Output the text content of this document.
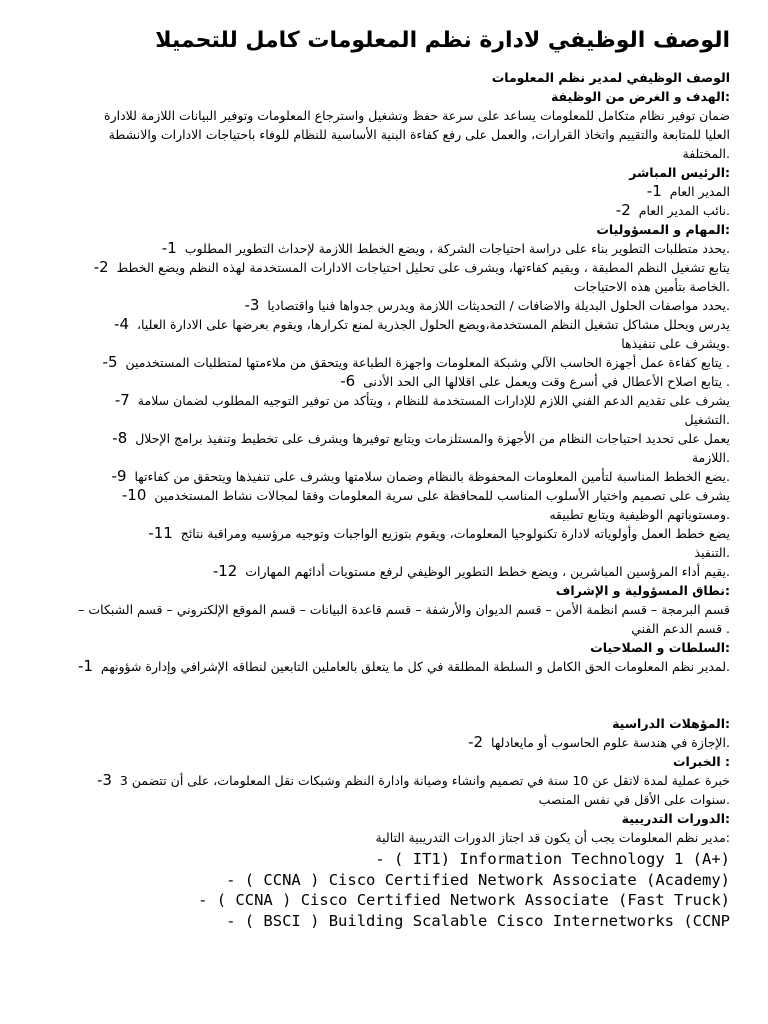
الوصف الوظيفي لادارة نظم المعلومات كامل للتحميلا
الوصف الوظيفي لمدير نظم المعلومات
:الهدف و الغرض من الوظيفة
ضمان توفير نظام متكامل للمعلومات يساعد على سرعة حفظ وتشغيل واسترجاع المعلومات وتوفير البيانات اللازمة للادارة
العليا للمتابعة والتقييم واتخاذ القرارات، والعمل على رفع كفاءة البنية الأساسية للنظام للوفاء باحتياجات الادارات والانشطة
.المختلفة
:الرئيس المباشر
المدير العام  1-
.نائب المدير العام  2-
:المهام و المسؤوليات
.يحدد متطلبات التطوير بناء على دراسة احتياجات الشركة ، ويضع الخطط اللازمة لإحداث التطوير المطلوب  1-
يتابع تشغيل النظم المطبقة ، ويقيم كفاءتها، ويشرف على تحليل احتياجات الادارات المستخدمة لهذه النظم ويضع الخطط  2-
.الخاصة بتأمين هذه الاحتياجات
.يحدد مواصفات الحلول البديلة والاضافات / التحديثات اللازمة ويدرس جدواها فنيا واقتصاديا  3-
يدرس ويحلل مشاكل تشغيل النظم المستخدمة،ويضع الحلول الجذرية لمنع تكرارها، ويقوم بعرضها على الادارة العليا،  4-
.ويشرف على تنفيذها
. يتابع كفاءة عمل أجهزة الحاسب الآلي وشبكة المعلومات واجهزة الطباعة ويتحقق من ملاءمتها لمتطلبات المستخدمين  5-
. يتابع اصلاح الأعطال في أسرع وقت ويعمل على اقلالها الى الحد الأدنى  6-
يشرف على تقديم الدعم الفني اللازم للإدارات المستخدمة للنظام ، ويتأكد من توفير التوجيه المطلوب لضمان سلامة  7-
.التشغيل
يعمل على تحديد احتياجات النظام من الأجهزة والمستلزمات ويتابع توفيرها ويشرف على تخطيط وتنفيذ برامج الإحلال  8-
.اللازمة
.يضع الخطط المناسبة لتأمين المعلومات المحفوظة بالنظام وضمان سلامتها ويشرف على تنفيذها ويتحقق من كفاءتها  9-
يشرف على تصميم واختيار الأسلوب المناسب للمحافظة على سرية المعلومات وفقا لمجالات نشاط المستخدمين  10-
.ومستوياتهم الوظيفية ويتابع تطبيقه
يضع خطط العمل وأولوياته لادارة تكنولوجيا المعلومات، ويقوم بتوزيع الواجبات وتوجيه مرؤسيه ومراقبة نتائج  11-
.التنفيذ
.يقيم أداء المرؤسين المباشرين ، ويضع خطط التطوير الوظيفي لرفع مستويات أدائهم المهارات  12-
:نطاق المسؤولية و الإشراف
قسم البرمجة – قسم انظمة الأمن – قسم الديوان والأرشفة – قسم قاعدة البيانات – قسم الموقع الإلكتروني – قسم الشبكات –
. قسم الدعم الفني
:السلطات و الصلاحيات
.لمدير نظم المعلومات الحق الكامل و السلطة المطلقة في كل ما يتعلق بالعاملين التابعين لنطاقه الإشرافي وإدارة شؤونهم  1-
:المؤهلات الدراسية
.الإجازة في هندسة علوم الحاسوب أو مايعادلها  2-
: الخبرات
خبرة عملية لمدة لاتقل عن 10 سنة في تصميم وانشاء وصيانة وادارة النظم وشبكات نقل المعلومات، على أن تتضمن 3  3-
.سنوات على الأقل في نفس المنصب
:الدورات التدريبية
:مدير نظم المعلومات يجب أن يكون قد اجتاز الدورات التدريبية التالية
- ( IT1) Information Technology 1 (A+)
- ( CCNA ) Cisco Certified Network Associate (Academy)
- ( CCNA ) Cisco Certified Network Associate (Fast Truck)
- ( BSCI ) Building Scalable Cisco Internetworks (CCNP
